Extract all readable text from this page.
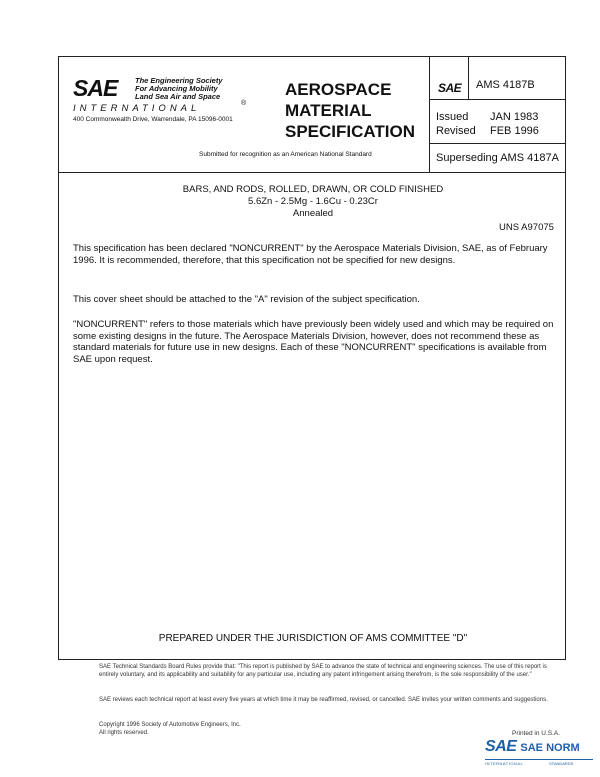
SAE The Engineering Society
For Advancing Mobility
Land Sea Air and Space
®
INTERNATIONAL
400 Commonwealth Drive, Warrendale, PA 15096-0001
AEROSPACE
MATERIAL
SPECIFICATION
Submitted for recognition as an American National Standard
SAE AMS 4187B
Issued JAN 1983
Revised FEB 1996
Superseding AMS 4187A
BARS, AND RODS, ROLLED, DRAWN, OR COLD FINISHED
5.6Zn - 2.5Mg - 1.6Cu - 0.23Cr
Annealed
UNS A97075
This specification has been declared "NONCURRENT" by the Aerospace Materials Division, SAE, as of February 1996. It is recommended, therefore, that this specification not be specified for new designs.
This cover sheet should be attached to the "A" revision of the subject specification.
"NONCURRENT" refers to those materials which have previously been widely used and which may be required on some existing designs in the future. The Aerospace Materials Division, however, does not recommend these as standard materials for future use in new designs. Each of these "NONCURRENT" specifications is available from SAE upon request.
PREPARED UNDER THE JURISDICTION OF AMS COMMITTEE "D"
SAE Technical Standards Board Rules provide that: "This report is published by SAE to advance the state of technical and engineering sciences. The use of this report is entirely voluntary, and its applicability and suitability for any particular use, including any patent infringement arising therefrom, is the sole responsibility of the user."
SAE reviews each technical report at least every five years at which time it may be reaffirmed, revised, or cancelled. SAE invites your written comments and suggestions.
Copyright 1996 Society of Automotive Engineers, Inc.
All rights reserved.	Printed in U.S.A.
SAE SAE NORM
INTERNATIONAL	STANDARDS
